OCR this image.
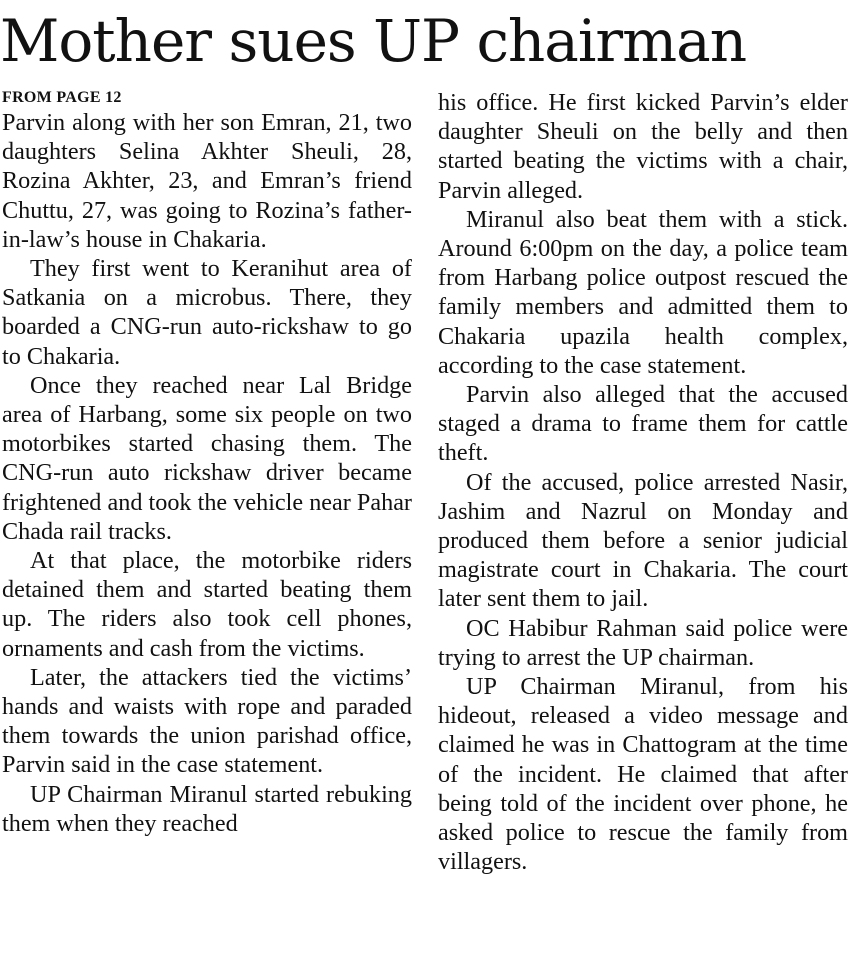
Mother sues UP chairman
FROM PAGE 12

Parvin along with her son Emran, 21, two daughters Selina Akhter Sheuli, 28, Rozina Akhter, 23, and Emran’s friend Chuttu, 27, was going to Rozina’s father-in-law’s house in Chakaria.

They first went to Keranihut area of Satkania on a microbus. There, they boarded a CNG-run auto-rickshaw to go to Chakaria.

Once they reached near Lal Bridge area of Harbang, some six people on two motorbikes started chasing them. The CNG-run auto rickshaw driver became frightened and took the vehicle near Pahar Chada rail tracks.

At that place, the motorbike riders detained them and started beating them up. The riders also took cell phones, ornaments and cash from the victims.

Later, the attackers tied the victims’ hands and waists with rope and paraded them towards the union parishad office, Parvin said in the case statement.

UP Chairman Miranul started rebuking them when they reached

his office. He first kicked Parvin’s elder daughter Sheuli on the belly and then started beating the victims with a chair, Parvin alleged.

Miranul also beat them with a stick. Around 6:00pm on the day, a police team from Harbang police outpost rescued the family members and admitted them to Chakaria upazila health complex, according to the case statement.

Parvin also alleged that the accused staged a drama to frame them for cattle theft.

Of the accused, police arrested Nasir, Jashim and Nazrul on Monday and produced them before a senior judicial magistrate court in Chakaria. The court later sent them to jail.

OC Habibur Rahman said police were trying to arrest the UP chairman.

UP Chairman Miranul, from his hideout, released a video message and claimed he was in Chattogram at the time of the incident. He claimed that after being told of the incident over phone, he asked police to rescue the family from villagers.
